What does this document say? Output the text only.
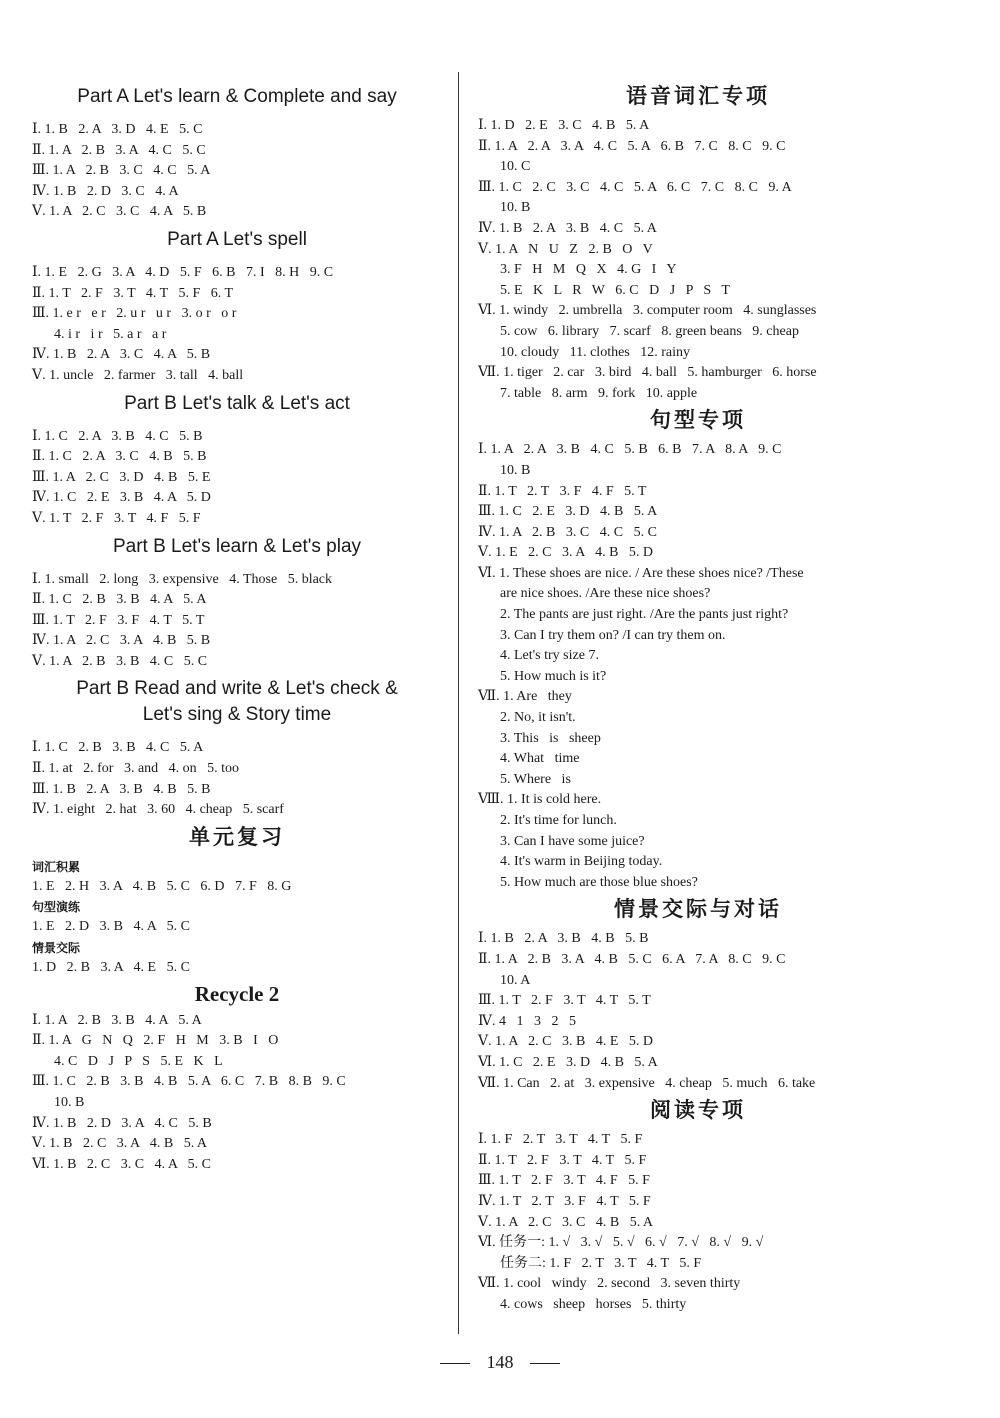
Part A Let's learn & Complete and say
Ⅰ. 1. B   2. A   3. D   4. E   5. C
Ⅱ. 1. A   2. B   3. A   4. C   5. C
Ⅲ. 1. A   2. B   3. C   4. C   5. A
Ⅳ. 1. B   2. D   3. C   4. A
Ⅴ. 1. A   2. C   3. C   4. A   5. B
Part A Let's spell
Ⅰ. 1. E   2. G   3. A   4. D   5. F   6. B   7. I   8. H   9. C
Ⅱ. 1. T   2. F   3. T   4. T   5. F   6. T
Ⅲ. 1. e r   e r   2. u r   u r   3. o r   o r
4. i r   i r   5. a r   a r
Ⅳ. 1. B   2. A   3. C   4. A   5. B
Ⅴ. 1. uncle   2. farmer   3. tall   4. ball
Part B Let's talk & Let's act
Ⅰ. 1. C   2. A   3. B   4. C   5. B
Ⅱ. 1. C   2. A   3. C   4. B   5. B
Ⅲ. 1. A   2. C   3. D   4. B   5. E
Ⅳ. 1. C   2. E   3. B   4. A   5. D
Ⅴ. 1. T   2. F   3. T   4. F   5. F
Part B Let's learn & Let's play
Ⅰ. 1. small   2. long   3. expensive   4. Those   5. black
Ⅱ. 1. C   2. B   3. B   4. A   5. A
Ⅲ. 1. T   2. F   3. F   4. T   5. T
Ⅳ. 1. A   2. C   3. A   4. B   5. B
Ⅴ. 1. A   2. B   3. B   4. C   5. C
Part B Read and write & Let's check &
Let's sing & Story time
Ⅰ. 1. C   2. B   3. B   4. C   5. A
Ⅱ. 1. at   2. for   3. and   4. on   5. too
Ⅲ. 1. B   2. A   3. B   4. B   5. B
Ⅳ. 1. eight   2. hat   3. 60   4. cheap   5. scarf
单元复习
词汇积累
1. E   2. H   3. A   4. B   5. C   6. D   7. F   8. G
句型演练
1. E   2. D   3. B   4. A   5. C
情景交际
1. D   2. B   3. A   4. E   5. C
Recycle 2
Ⅰ. 1. A   2. B   3. B   4. A   5. A
Ⅱ. 1. A   G   N   Q   2. F   H   M   3. B   I   O
4. C   D   J   P   S   5. E   K   L
Ⅲ. 1. C   2. B   3. B   4. B   5. A   6. C   7. B   8. B   9. C
10. B
Ⅳ. 1. B   2. D   3. A   4. C   5. B
Ⅴ. 1. B   2. C   3. A   4. B   5. A
Ⅵ. 1. B   2. C   3. C   4. A   5. C
语音词汇专项
Ⅰ. 1. D   2. E   3. C   4. B   5. A
Ⅱ. 1. A   2. A   3. A   4. C   5. A   6. B   7. C   8. C   9. C
10. C
Ⅲ. 1. C   2. C   3. C   4. C   5. A   6. C   7. C   8. C   9. A
10. B
Ⅳ. 1. B   2. A   3. B   4. C   5. A
Ⅴ. 1. A   N   U   Z   2. B   O   V
3. F   H   M   Q   X   4. G   I   Y
5. E   K   L   R   W   6. C   D   J   P   S   T
Ⅵ. 1. windy   2. umbrella   3. computer room   4. sunglasses
5. cow   6. library   7. scarf   8. green beans   9. cheap
10. cloudy   11. clothes   12. rainy
Ⅶ. 1. tiger   2. car   3. bird   4. ball   5. hamburger   6. horse
7. table   8. arm   9. fork   10. apple
句型专项
Ⅰ. 1. A   2. A   3. B   4. C   5. B   6. B   7. A   8. A   9. C
10. B
Ⅱ. 1. T   2. T   3. F   4. F   5. T
Ⅲ. 1. C   2. E   3. D   4. B   5. A
Ⅳ. 1. A   2. B   3. C   4. C   5. C
Ⅴ. 1. E   2. C   3. A   4. B   5. D
Ⅵ. 1. These shoes are nice. / Are these shoes nice? /These
are nice shoes. /Are these nice shoes?
2. The pants are just right. /Are the pants just right?
3. Can I try them on? /I can try them on.
4. Let's try size 7.
5. How much is it?
Ⅶ. 1. Are   they
2. No, it isn't.
3. This   is   sheep
4. What   time
5. Where   is
Ⅷ. 1. It is cold here.
2. It's time for lunch.
3. Can I have some juice?
4. It's warm in Beijing today.
5. How much are those blue shoes?
情景交际与对话
Ⅰ. 1. B   2. A   3. B   4. B   5. B
Ⅱ. 1. A   2. B   3. A   4. B   5. C   6. A   7. A   8. C   9. C
10. A
Ⅲ. 1. T   2. F   3. T   4. T   5. T
Ⅳ. 4   1   3   2   5
Ⅴ. 1. A   2. C   3. B   4. E   5. D
Ⅵ. 1. C   2. E   3. D   4. B   5. A
Ⅶ. 1. Can   2. at   3. expensive   4. cheap   5. much   6. take
阅读专项
Ⅰ. 1. F   2. T   3. T   4. T   5. F
Ⅱ. 1. T   2. F   3. T   4. T   5. F
Ⅲ. 1. T   2. F   3. T   4. F   5. F
Ⅳ. 1. T   2. T   3. F   4. T   5. F
Ⅴ. 1. A   2. C   3. C   4. B   5. A
Ⅵ. 任务一: 1. √   3. √   5. √   6. √   7. √   8. √   9. √
任务二: 1. F   2. T   3. T   4. T   5. F
Ⅶ. 1. cool   windy   2. second   3. seven thirty
4. cows   sheep   horses   5. thirty
148
